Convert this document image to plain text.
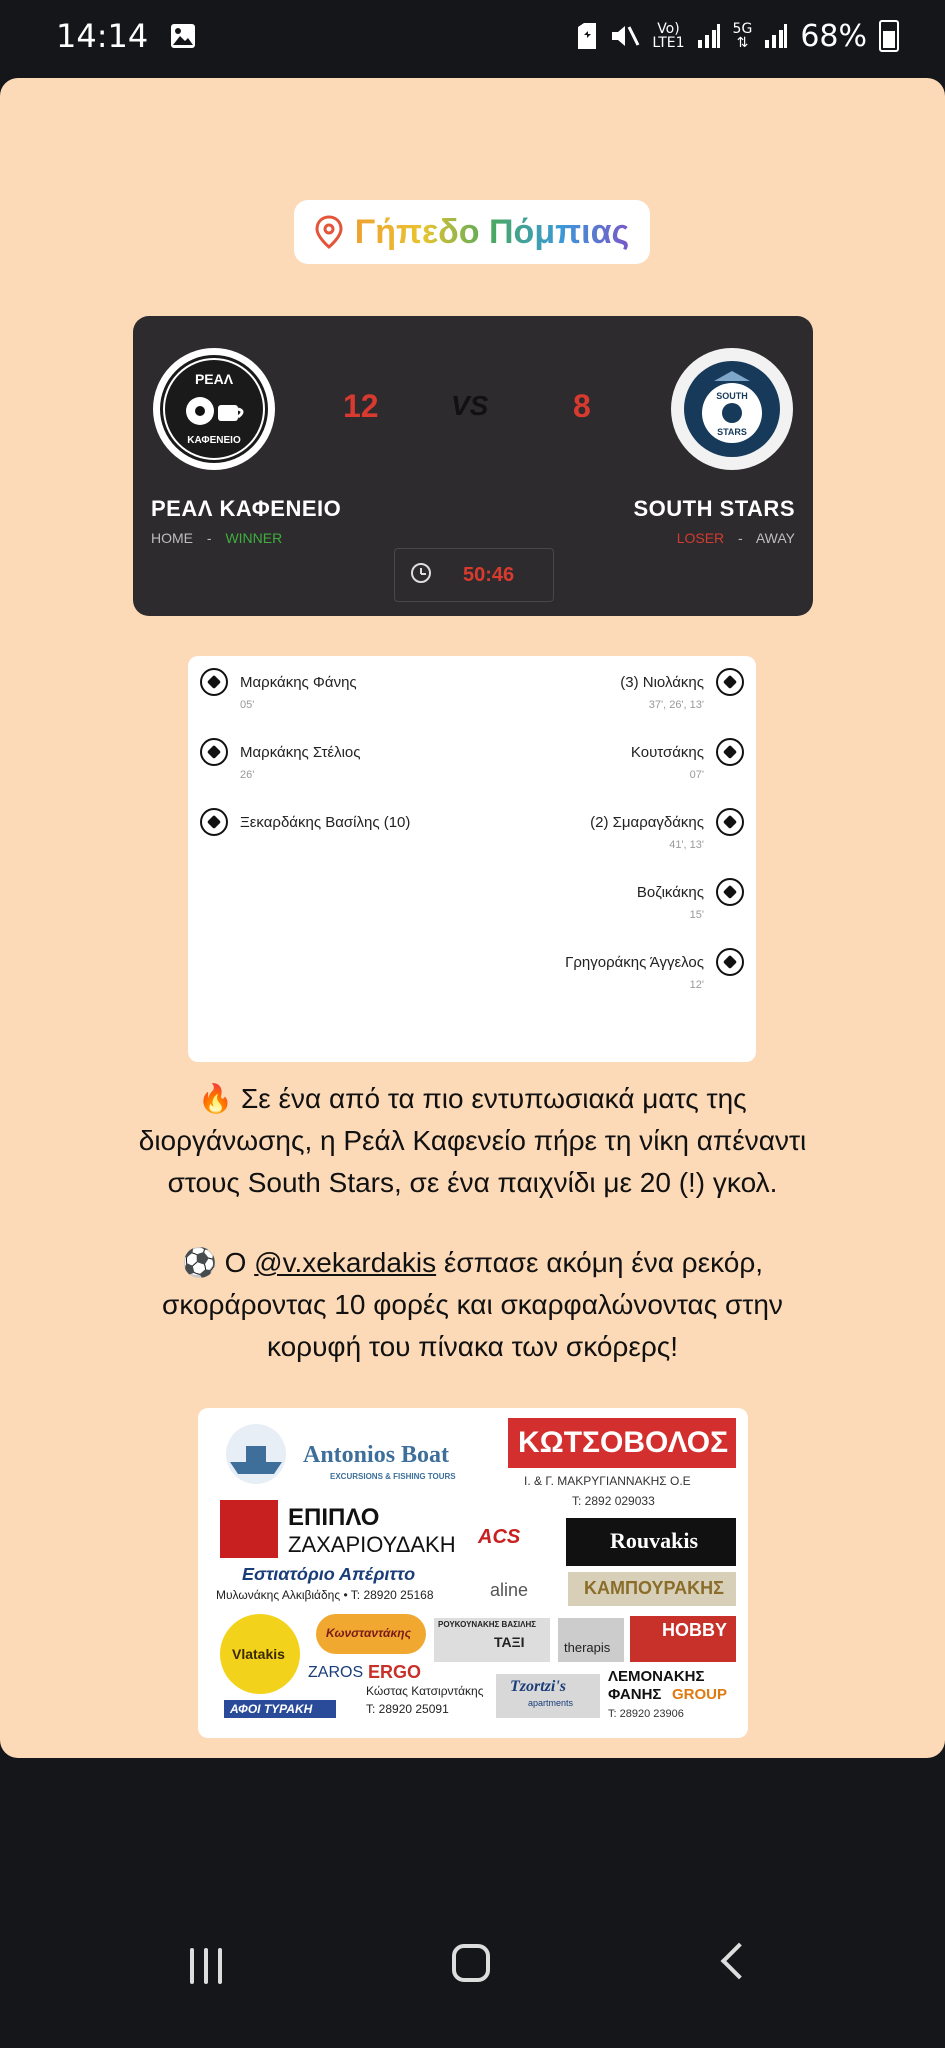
14:14	Vo)
LTE1
5G
⇅ 68%
Γήπεδο Πόμπιας
ΡΕΑΛ
ΚΑΦΕΝΕΙΟ
12	VS	8	SOUTH
STARS
ΡΕΑΛ ΚΑΦΕΝΕΙΟ
HOME - WINNER
SOUTH STARS
LOSER - AWAY
50:46
Μαρκάκης Φάνης
05'
Μαρκάκης Στέλιος
26'
Ξεκαρδάκης Βασίλης (10)
(3) Νιολάκης
37', 26', 13'
Κουτσάκης
07'
(2) Σμαραγδάκης
41', 13'
Βοζικάκης
15'
Γρηγοράκης Άγγελος
12'

🔥 Σε ένα από τα πιο εντυπωσιακά ματς της διοργάνωσης, η Ρεάλ Καφενείο πήρε τη νίκη απέναντι στους South Stars, σε ένα παιχνίδι με 20 (!) γκολ.

⚽ Ο @v.xekardakis έσπασε ακόμη ένα ρεκόρ, σκοράροντας 10 φορές και σκαρφαλώνοντας στην κορυφή του πίνακα των σκόρερς!

Antonios Boat
EXCURSIONS & FISHING TOURS
ΚΩΤΣΟΒΟΛΟΣ
Ι. & Γ. ΜΑΚΡΥΓΙΑΝΝΑΚΗΣ Ο.Ε
Τ: 2892 029033
ΕΠΙΠΛΟ
ΖΑΧΑΡΙΟΥΔΑΚΗ ACS	Rouvakis
Εστιατόριο Απέριττο
Μυλωνάκης Αλκιβιάδης • Τ: 28920 25168	aline	ΚΑΜΠΟΥΡΑΚΗΣ
Vlatakis
Κωνσταντάκης
ΡΟΥΚΟΥΝΑΚΗΣ ΒΑΣΙΛΗΣ
ΤΑΞΙ	therapis
HOBBY
ZAROS ERGO
Κώστας Κατσιρντάκης
Τ: 28920 25091
ΑΦΟΙ ΤΥΡΑΚΗ
Tzortzi's
apartments
ΛΕΜΟΝΑΚΗΣ
ΦΑΝΗΣ GROUP
Τ: 28920 23906
